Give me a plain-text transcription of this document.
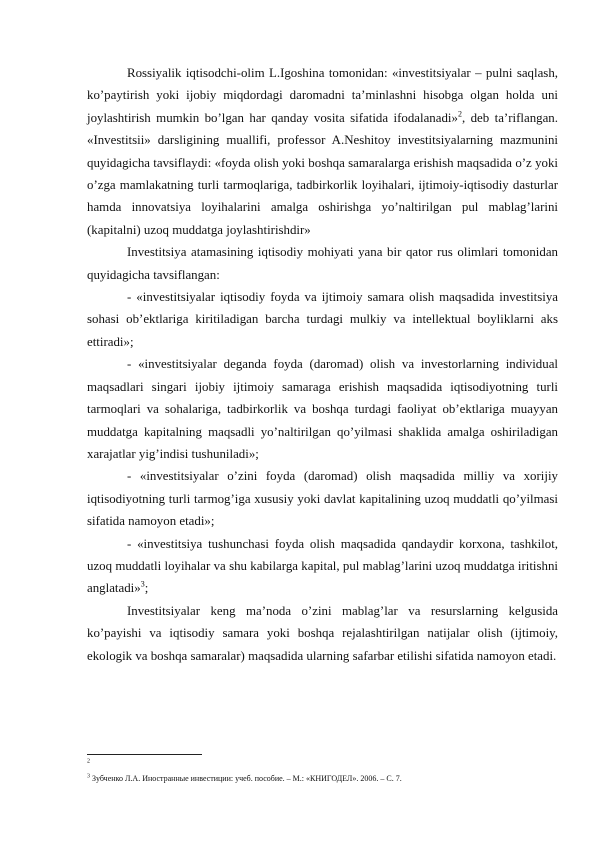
Rossiyalik iqtisodchi-olim L.Igoshina tomonidan: «investitsiyalar – pulni saqlash, ko’paytirish yoki ijobiy miqdordagi daromadni ta’minlashni hisobga olgan holda uni joylashtirish mumkin bo’lgan har qanday vosita sifatida ifodalanadi»$^2$, deb ta’riflangan. «Investitsii» darsligining muallifi, professor A.Neshitoy investitsiyalarning mazmunini quyidagicha tavsiflaydi: «foyda olish yoki boshqa samaralarga erishish maqsadida o’z yoki o’zga mamlakatning turli tarmoqlariga, tadbirkorlik loyihalari, ijtimoiy-iqtisodiy dasturlar hamda innovatsiya loyihalarini amalga oshirishga yo’naltirilgan pul mablag’larini (kapitalni) uzoq muddatga joylashtirishdir»

Investitsiya atamasining iqtisodiy mohiyati yana bir qator rus olimlari tomonidan quyidagicha tavsiflangan:

- «investitsiyalar iqtisodiy foyda va ijtimoiy samara olish maqsadida investitsiya sohasi ob’ektlariga kiritiladigan barcha turdagi mulkiy va intellektual boyliklarni aks ettiradi»;

- «investitsiyalar deganda foyda (daromad) olish va investorlarning individual maqsadlari singari ijobiy ijtimoiy samaraga erishish maqsadida iqtisodiyotning turli tarmoqlari va sohalariga, tadbirkorlik va boshqa turdagi faoliyat ob’ektlariga muayyan muddatga kapitalning maqsadli yo’naltirilgan qo’yilmasi shaklida amalga oshiriladigan xarajatlar yig’indisi tushuniladi»;

- «investitsiyalar o’zini foyda (daromad) olish maqsadida milliy va xorijiy iqtisodiyotning turli tarmog’iga xususiy yoki davlat kapitalining uzoq muddatli qo’yilmasi sifatida namoyon etadi»;

- «investitsiya tushunchasi foyda olish maqsadida qandaydir korxona, tashkilot, uzoq muddatli loyihalar va shu kabilarga kapital, pul mablag’larini uzoq muddatga iritishni anglatadi»$^3$;

Investitsiyalar keng ma’noda o’zini mablag’lar va resurslarning kelgusida ko’payishi va iqtisodiy samara yoki boshqa rejalashtirilgan natijalar olish (ijtimoiy, ekologik va boshqa samaralar) maqsadida ularning safarbar etilishi sifatida namoyon etadi.

$^2$
$^3$ Зубченко Л.А. Иностранные инвестиции: учеб. пособие. – М.: «КНИГОДЕЛ». 2006. – С. 7.
